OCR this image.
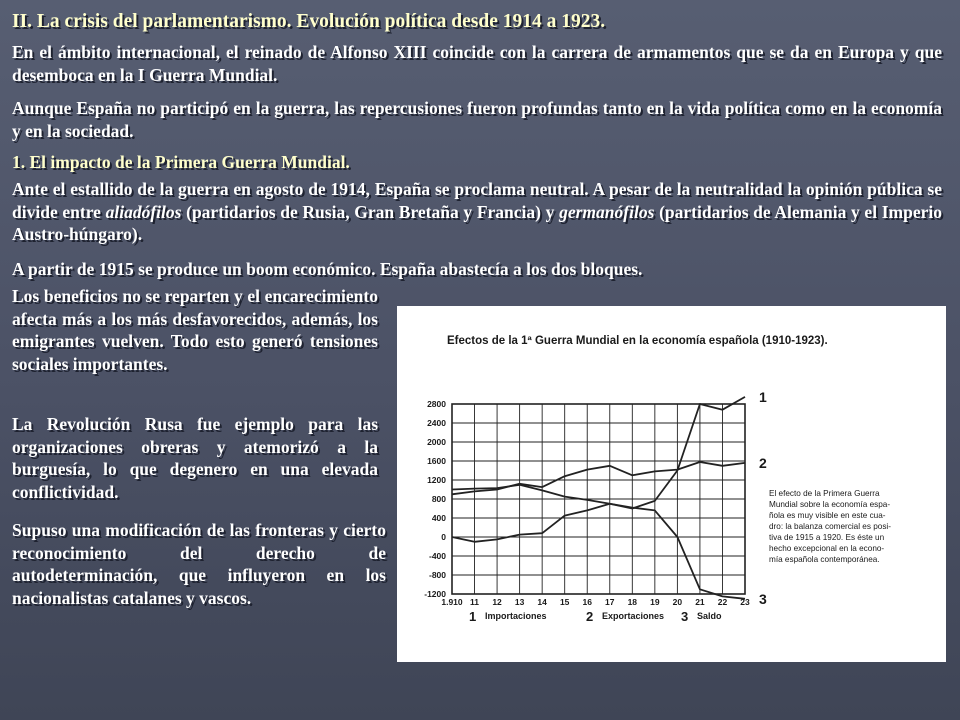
II. La crisis del parlamentarismo. Evolución política desde 1914 a 1923.

En el ámbito internacional, el reinado de Alfonso XIII coincide con la carrera de armamentos que se da en Europa y que desemboca en la I Guerra Mundial.

Aunque España no participó en la guerra, las repercusiones fueron profundas tanto en la vida política como en la economía y en la sociedad.

1. El impacto de la Primera Guerra Mundial.

Ante el estallido de la guerra en agosto de 1914, España se proclama neutral. A pesar de la neutralidad la opinión pública se divide entre aliadófilos (partidarios de Rusia, Gran Bretaña y Francia) y germanófilos (partidarios de Alemania y el Imperio Austro-húngaro).

A partir de 1915 se produce un boom económico. España abastecía a los dos bloques.

Los beneficios no se reparten y el encarecimiento afecta más a los más desfavorecidos, además, los emigrantes vuelven. Todo esto generó tensiones sociales importantes.

La Revolución Rusa fue ejemplo para las organizaciones obreras y atemorizó a la burguesía, lo que degenero en una elevada conflictividad.

Supuso una modificación de las fronteras y cierto reconocimiento del derecho de autodeterminación, que influyeron en los nacionalistas catalanes y vascos.

Efectos de la 1ª Guerra Mundial en la economía española (1910-1923).
2800
2400
2000
1600
1200
800
400
0
-400
-800
-1200
1.910 11 12 13 14 15 16 17 18 19 20 21 22 23
1
2
3
1 Importaciones	2 Exportaciones 3 Saldo
El efecto de la Primera Guerra
Mundial sobre la economía espa-
ñola es muy visible en este cua-
dro: la balanza comercial es posi-
tiva de 1915 a 1920. Es éste un
hecho excepcional en la econo-
mía española contemporánea.
